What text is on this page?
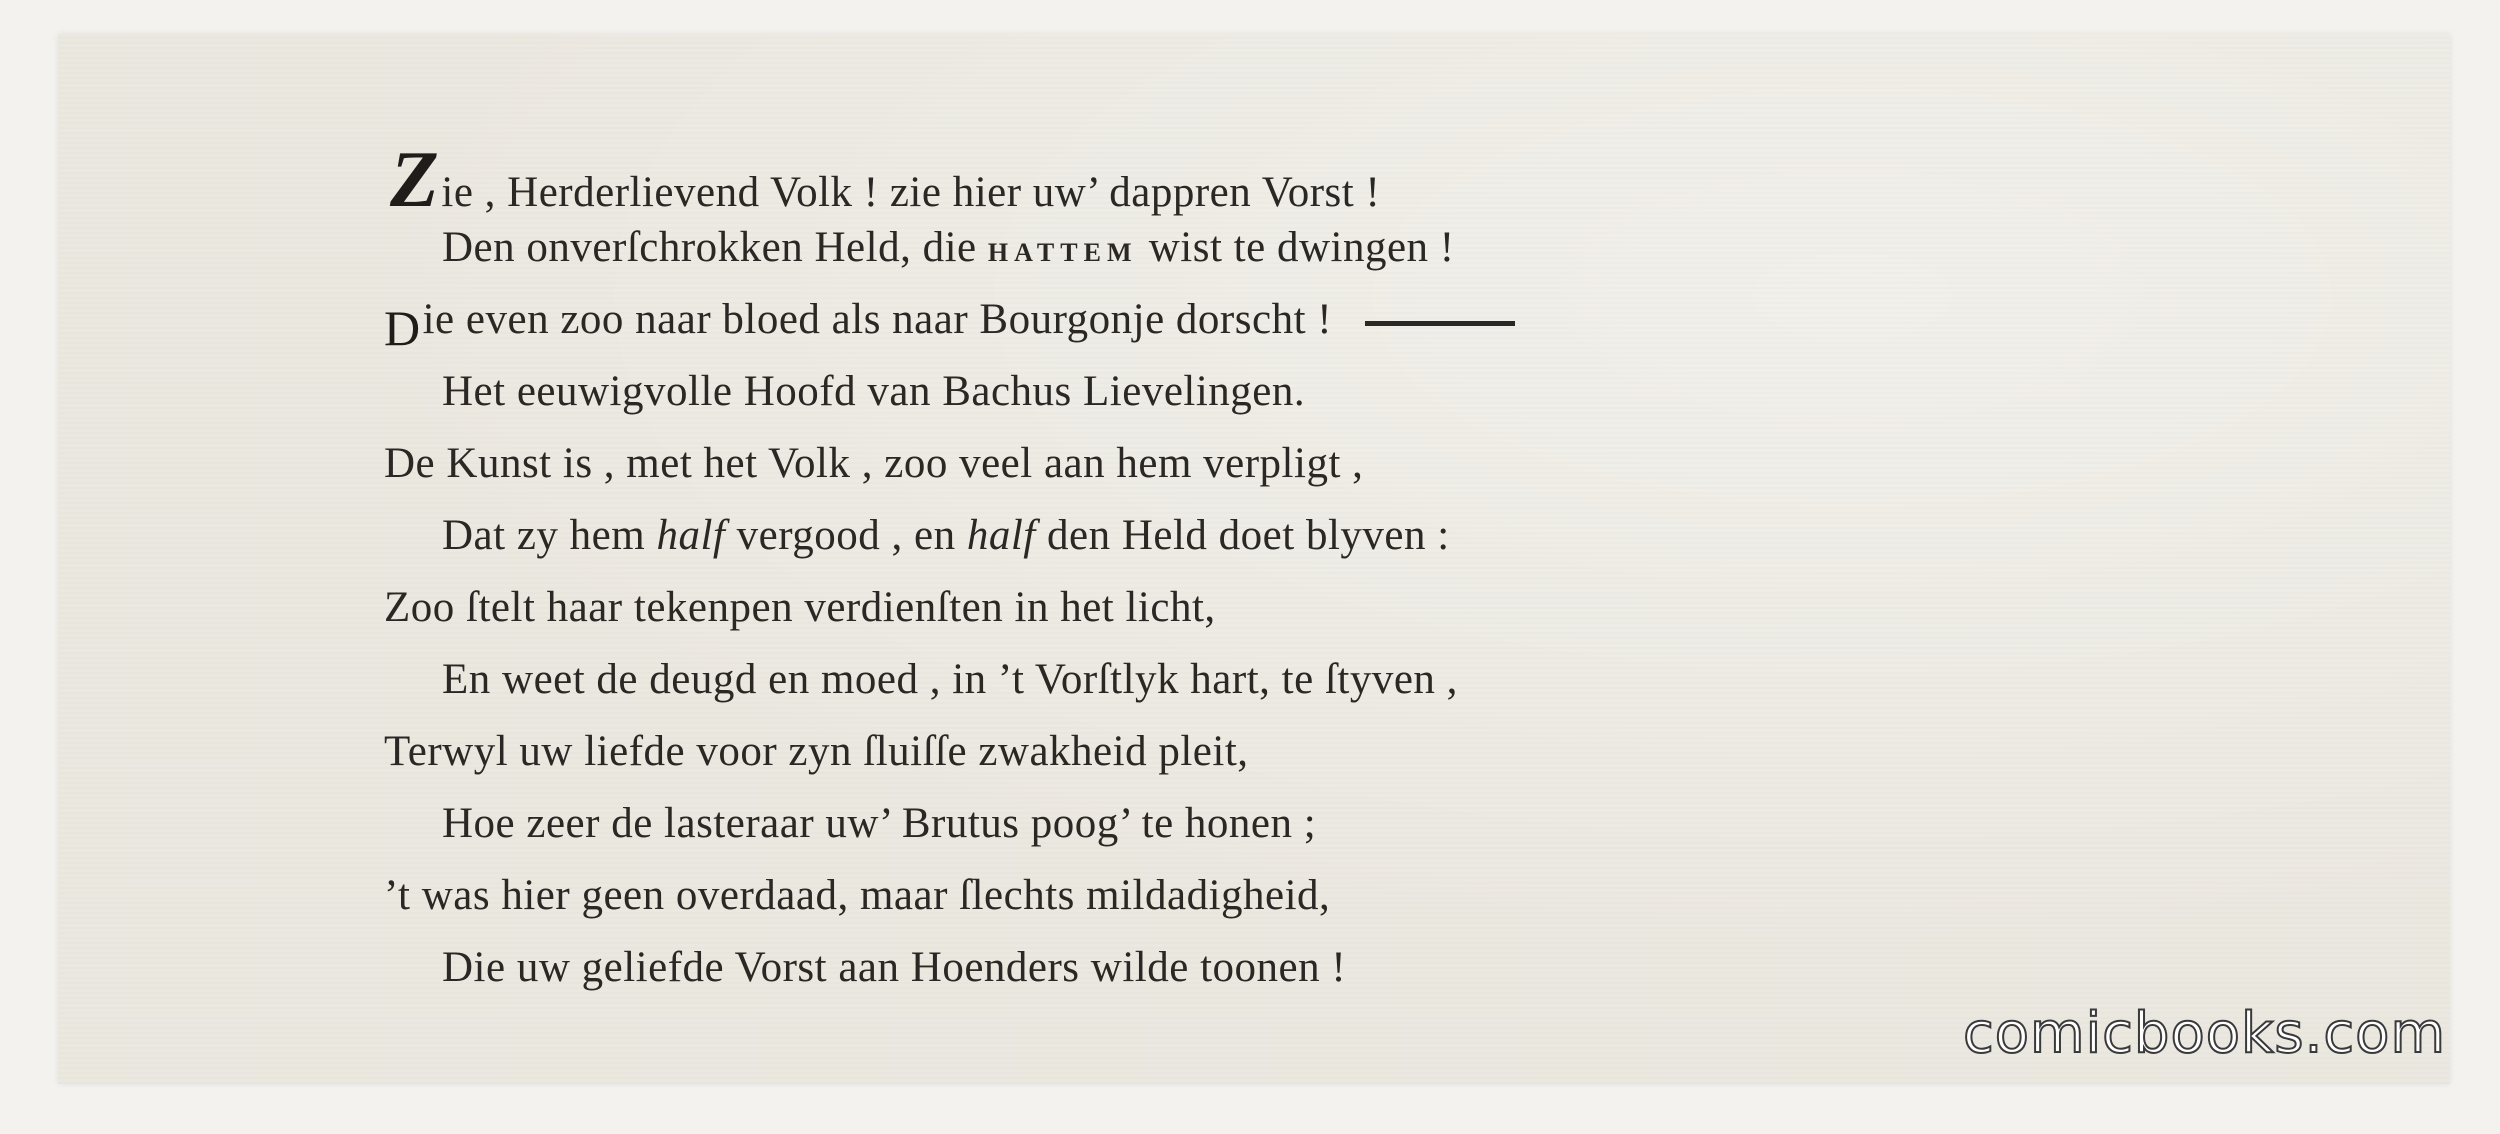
Zie , Herderlievend Volk ! zie hier uw’ dappren Vorst !
Den onverſchrokken Held, die HATTEM wist te dwingen !
Die even zoo naar bloed als naar Bourgonje dorscht !
Het eeuwigvolle Hoofd van Bachus Lievelingen.
De Kunst is , met het Volk , zoo veel aan hem verpligt ,
Dat zy hem half vergood , en half den Held doet blyven :
Zoo ſtelt haar tekenpen verdienſten in het licht,
En weet de deugd en moed , in ’t Vorſtlyk hart, te ſtyven ,
Terwyl uw liefde voor zyn ſluiſſe zwakheid pleit,
Hoe zeer de lasteraar uw’ Brutus poog’ te honen ;
’t was hier geen overdaad, maar ſlechts mildadigheid,
Die uw geliefde Vorst aan Hoenders wilde toonen !
comicbooks.com
